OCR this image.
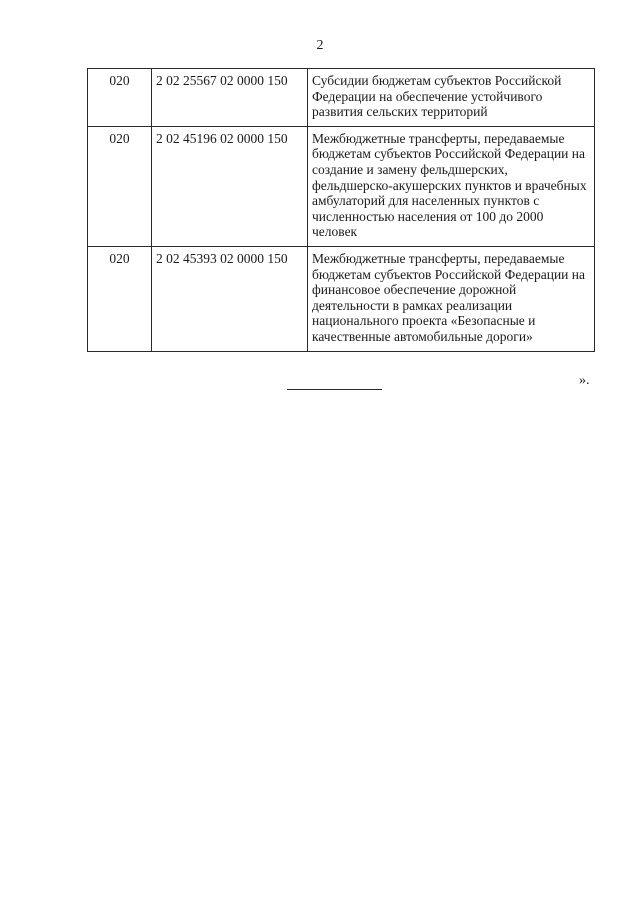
2
020	2 02 25567 02 0000 150	Субсидии бюджетам субъектов Российской Федерации на обеспечение устойчивого развития сельских территорий
020	2 02 45196 02 0000 150	Межбюджетные трансферты, передаваемые бюджетам субъектов Российской Федерации на создание и замену фельдшерских, фельдшерско-акушерских пунктов и врачебных амбулаторий для населенных пунктов с численностью населения от 100 до 2000 человек
020	2 02 45393 02 0000 150	Межбюджетные трансферты, передаваемые бюджетам субъектов Российской Федерации на финансовое обеспечение дорожной деятельности в рамках реализации национального проекта «Безопасные и качественные автомобильные дороги»
».
